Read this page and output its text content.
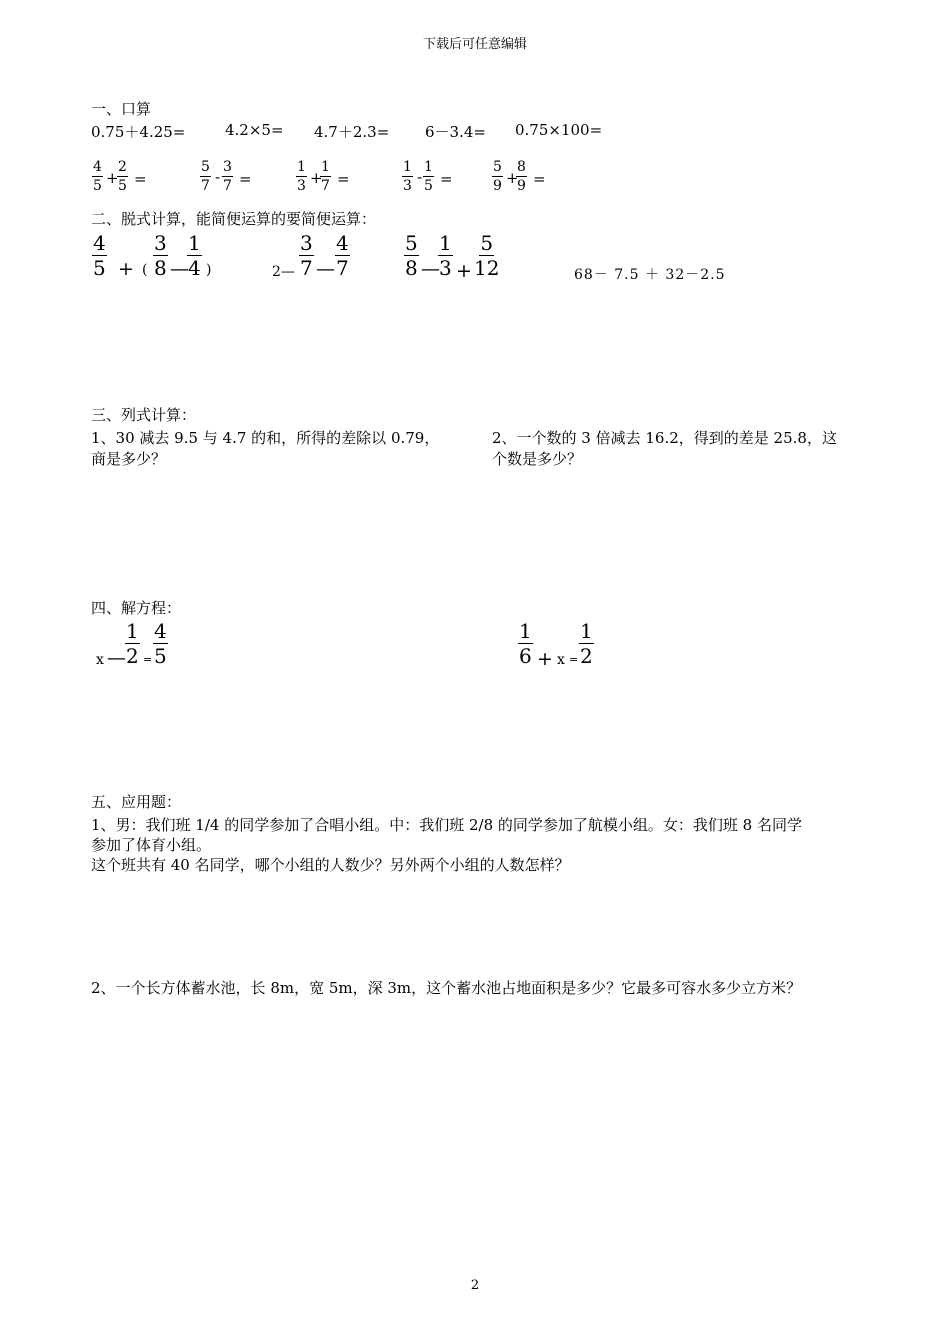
下载后可任意编辑
一、口算
0.75＋4.25=	4.2×5= 4.7＋2.3= 6－3.4= 0.75×100=
$\frac{4}{5}$ +
$\frac{2}{5}$ =	$\frac{5}{7} - \frac{3}{7}$ =	$\frac{1}{3}$ +
$\frac{1}{7}$ =	$\frac{1}{3} - \frac{1}{5}$ =	$\frac{5}{9}$ +
$\frac{8}{9}$ =
二、脱式计算，能简便运算的要简便运算：
$\frac{4}{5}$ + ( $\frac{3}{8}$ —
$\frac{1}{4}$ )	2— $\frac{3}{7}$ — $\frac{4}{7}$	$\frac{5}{8}$ —
$\frac{1}{3} + \frac{5}{12}$	68－ 7.5 ＋ 32－2.5
三、列式计算：
1、30 减去 9.5 与 4.7 的和，所得的差除以 0.79，
商是多少？
2、一个数的 3 倍减去 16.2，得到的差是 25.8，这
个数是多少？
四、解方程：
x — $\frac{1}{2} = \frac{4}{5}$	$\frac{1}{6} + x = \frac{1}{2}$
五、应用题：
1、男：我们班 1/4 的同学参加了合唱小组。中：我们班 2/8 的同学参加了航模小组。女：我们班 8 名同学
参加了体育小组。
这个班共有 40 名同学，哪个小组的人数少？另外两个小组的人数怎样？
2、一个长方体蓄水池，长 8m，宽 5m，深 3m，这个蓄水池占地面积是多少？它最多可容水多少立方米？
2
